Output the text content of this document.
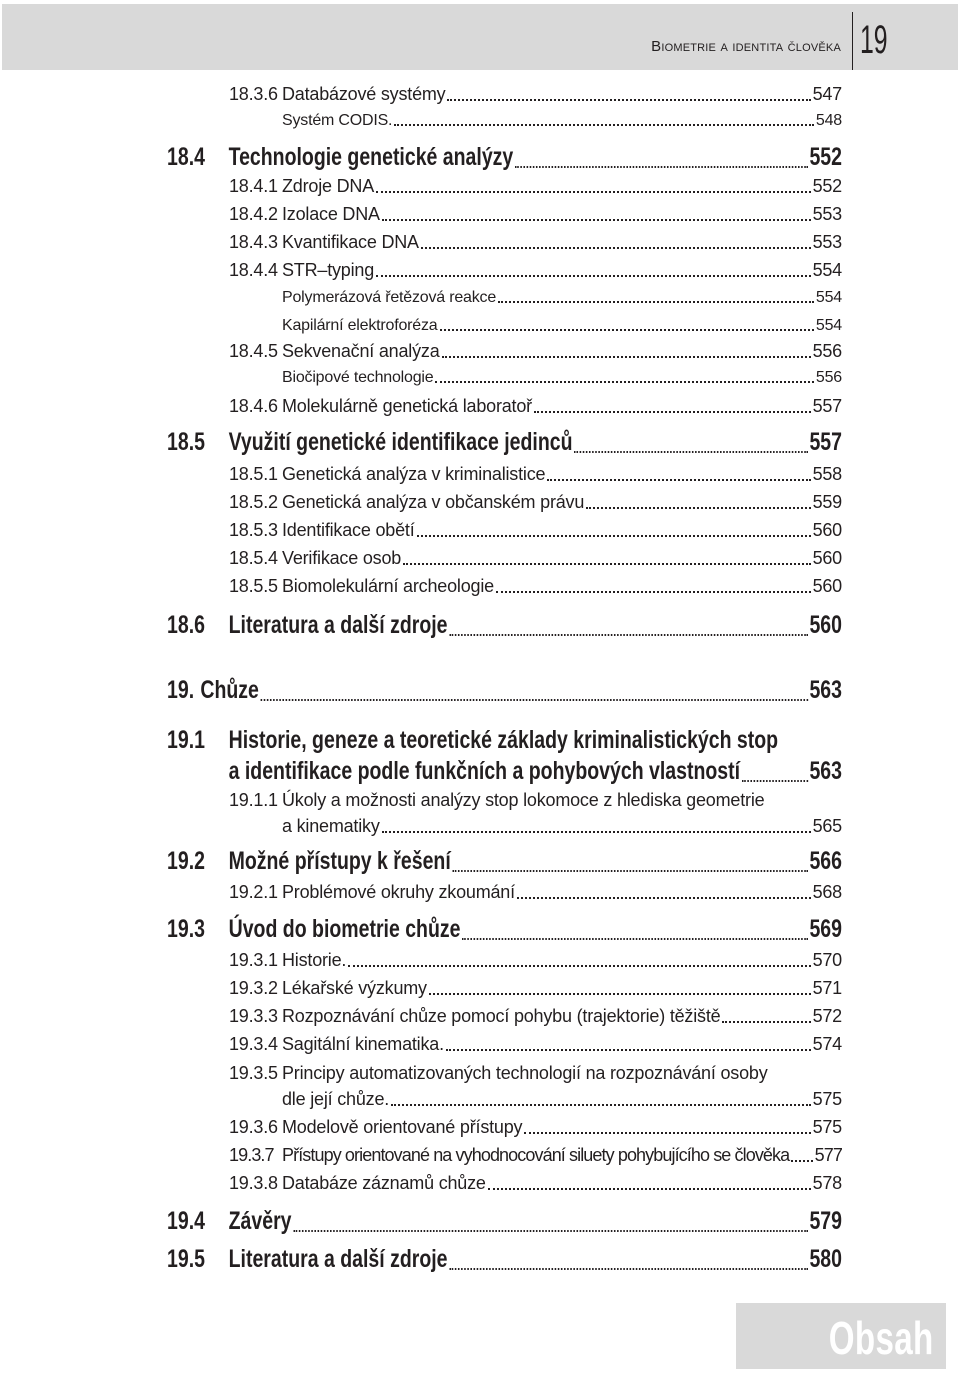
Biometrie a identita člověka 19
18.3.6 Databázové systémy	547
Systém CODIS.	548
18.4 Technologie genetické analýzy	552
18.4.1 Zdroje DNA	552
18.4.2 Izolace DNA	553
18.4.3 Kvantifikace DNA	553
18.4.4 STR–typing	554
Polymerázová řetězová reakce	554
Kapilární elektroforéza	554
18.4.5 Sekvenační analýza	556
Biočipové technologie	556
18.4.6 Molekulárně genetická laboratoř	557
18.5 Využití genetické identifikace jedinců	557
18.5.1 Genetická analýza v kriminalistice	558
18.5.2 Genetická analýza v občanském právu	559
18.5.3 Identifikace obětí	560
18.5.4 Verifikace osob	560
18.5.5 Biomolekulární archeologie	560
18.6 Literatura a další zdroje	560
19. Chůze	563
19.1 Historie, geneze a teoretické základy kriminalistických stop
a identifikace podle funkčních a pohybových vlastností	563
19.1.1 Úkoly a možnosti analýzy stop lokomoce z hlediska geometrie
a kinematiky	565
19.2 Možné přístupy k řešení	566
19.2.1 Problémové okruhy zkoumání	568
19.3 Úvod do biometrie chůze	569
19.3.1 Historie.	570
19.3.2 Lékařské výzkumy	571
19.3.3 Rozpoznávání chůze pomocí pohybu (trajektorie) těžiště	572
19.3.4 Sagitální kinematika.	574
19.3.5 Principy automatizovaných technologií na rozpoznávání osoby
dle její chůze.	575
19.3.6 Modelově orientované přístupy	575
19.3.7 Přístupy orientované na vyhodnocování siluety pohybujícího se člověka 577
19.3.8 Databáze záznamů chůze	578
19.4 Závěry	579
19.5 Literatura a další zdroje	580
Obsah
